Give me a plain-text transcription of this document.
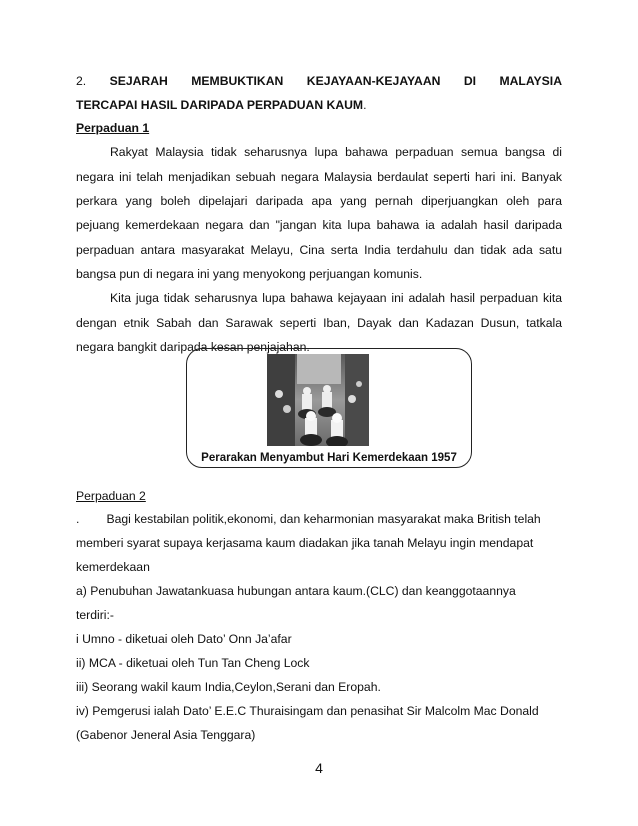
2. SEJARAH MEMBUKTIKAN KEJAYAAN-KEJAYAAN DI MALAYSIA
TERCAPAI HASIL DARIPADA PERPADUAN KAUM.
Perpaduan 1
Rakyat Malaysia tidak seharusnya lupa bahawa perpaduan semua bangsa di
negara ini telah menjadikan sebuah negara Malaysia berdaulat seperti hari ini. Banyak
perkara yang boleh dipelajari daripada apa yang pernah diperjuangkan oleh para
pejuang kemerdekaan negara dan "jangan kita lupa bahawa ia adalah hasil daripada
perpaduan antara masyarakat Melayu, Cina serta India terdahulu dan tidak ada satu
bangsa pun di negara ini yang menyokong perjuangan komunis.
Kita juga tidak seharusnya lupa bahawa kejayaan ini adalah hasil perpaduan kita
dengan etnik Sabah dan Sarawak seperti Iban, Dayak dan Kadazan Dusun, tatkala
negara bangkit daripada kesan penjajahan.
Perarakan Menyambut Hari Kemerdekaan 1957
Perpaduan 2
.        Bagi kestabilan politik,ekonomi, dan keharmonian masyarakat maka British telah
memberi syarat supaya kerjasama kaum diadakan jika tanah Melayu ingin mendapat
kemerdekaan
a) Penubuhan Jawatankuasa hubungan antara kaum.(CLC) dan keanggotaannya
terdiri:-
i Umno - diketuai oleh Dato’ Onn Ja’afar
ii) MCA - diketuai oleh Tun Tan Cheng Lock
iii) Seorang wakil kaum India,Ceylon,Serani dan Eropah.
iv) Pemgerusi ialah Dato’ E.E.C Thuraisingam dan penasihat Sir Malcolm Mac Donald
(Gabenor Jeneral Asia Tenggara)
4
